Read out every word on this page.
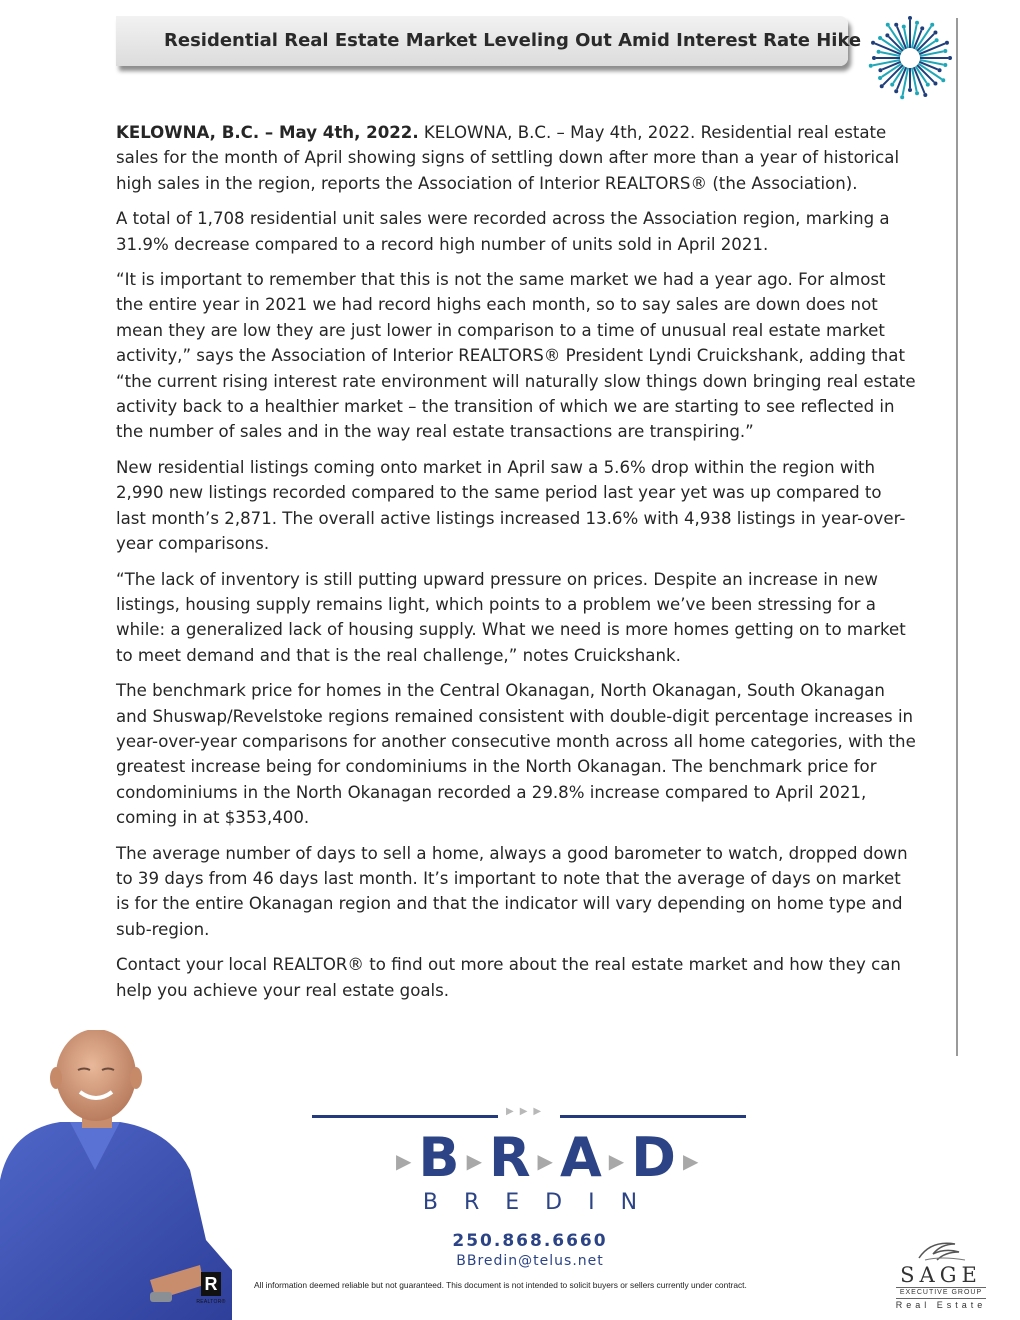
Residential Real Estate Market Leveling Out Amid Interest Rate Hike

KELOWNA, B.C. – May 4th, 2022. KELOWNA, B.C. – May 4th, 2022. Residential real estate sales for the month of April showing signs of settling down after more than a year of historical high sales in the region, reports the Association of Interior REALTORS® (the Association).

A total of 1,708 residential unit sales were recorded across the Association region, marking a 31.9% decrease compared to a record high number of units sold in April 2021.

“It is important to remember that this is not the same market we had a year ago. For almost the entire year in 2021 we had record highs each month, so to say sales are down does not mean they are low they are just lower in comparison to a time of unusual real estate market activity,” says the Association of Interior REALTORS® President Lyndi Cruickshank, adding that “the current rising interest rate environment will naturally slow things down bringing real estate activity back to a healthier market – the transition of which we are starting to see reflected in the number of sales and in the way real estate transactions are transpiring.”

New residential listings coming onto market in April saw a 5.6% drop within the region with 2,990 new listings recorded compared to the same period last year yet was up compared to last month’s 2,871. The overall active listings increased 13.6% with 4,938 listings in year-over-year comparisons.

“The lack of inventory is still putting upward pressure on prices. Despite an increase in new listings, housing supply remains light, which points to a problem we’ve been stressing for a while: a generalized lack of housing supply. What we need is more homes getting on to market to meet demand and that is the real challenge,” notes Cruickshank.

The benchmark price for homes in the Central Okanagan, North Okanagan, South Okanagan and Shuswap/Revelstoke regions remained consistent with double-digit percentage increases in year-over-year comparisons for another consecutive month across all home categories, with the greatest increase being for condominiums in the North Okanagan. The benchmark price for condominiums in the North Okanagan recorded a 29.8% increase compared to April 2021, coming in at $353,400.

The average number of days to sell a home, always a good barometer to watch, dropped down to 39 days from 46 days last month. It’s important to note that the average of days on market is for the entire Okanagan region and that the indicator will vary depending on home type and sub-region.

Contact your local REALTOR® to find out more about the real estate market and how they can help you achieve your real estate goals.

R
REALTOR®
▶▶▶
▶B ▶R ▶A ▶D ▶
BREDIN
250.868.6660
BBredin@telus.net
All information deemed reliable but not guaranteed. This document is not intended to solicit buyers or sellers currently under contract.	SAGE
EXECUTIVE GROUP
Real Estate
